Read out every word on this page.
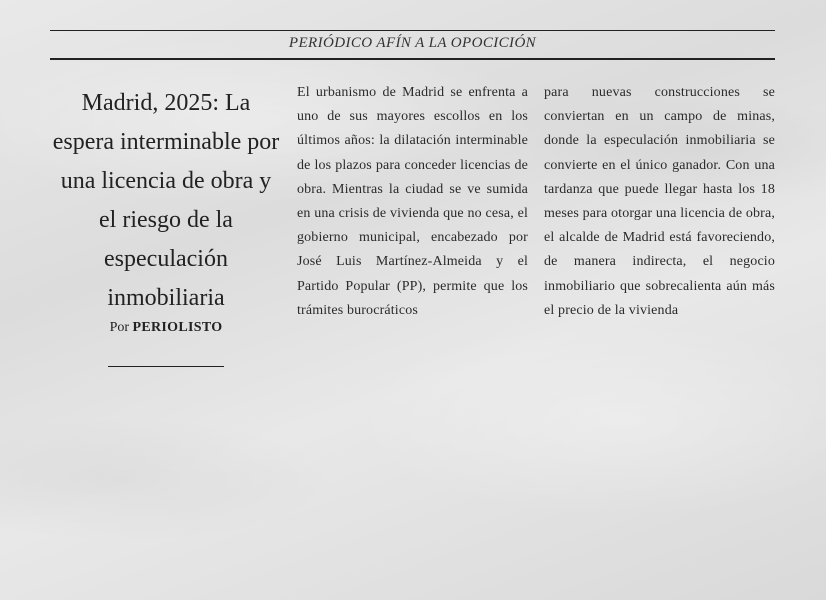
PERIÓDICO AFÍN A LA OPOCICIÓN
Madrid, 2025: La espera interminable por una licencia de obra y el riesgo de la especulación inmobiliaria
Por PERIOLISTO
El urbanismo de Madrid se enfrenta a uno de sus mayores escollos en los últimos años: la dilatación interminable de los plazos para conceder licencias de obra. Mientras la ciudad se ve sumida en una crisis de vivienda que no cesa, el gobierno municipal, encabezado por José Luis Martínez-Almeida y el Partido Popular (PP), permite que los trámites burocráticos
para nuevas construcciones se conviertan en un campo de minas, donde la especulación inmobiliaria se convierte en el único ganador. Con una tardanza que puede llegar hasta los 18 meses para otorgar una licencia de obra, el alcalde de Madrid está favoreciendo, de manera indirecta, el negocio inmobiliario que sobrecalienta aún más el precio de la vivienda
